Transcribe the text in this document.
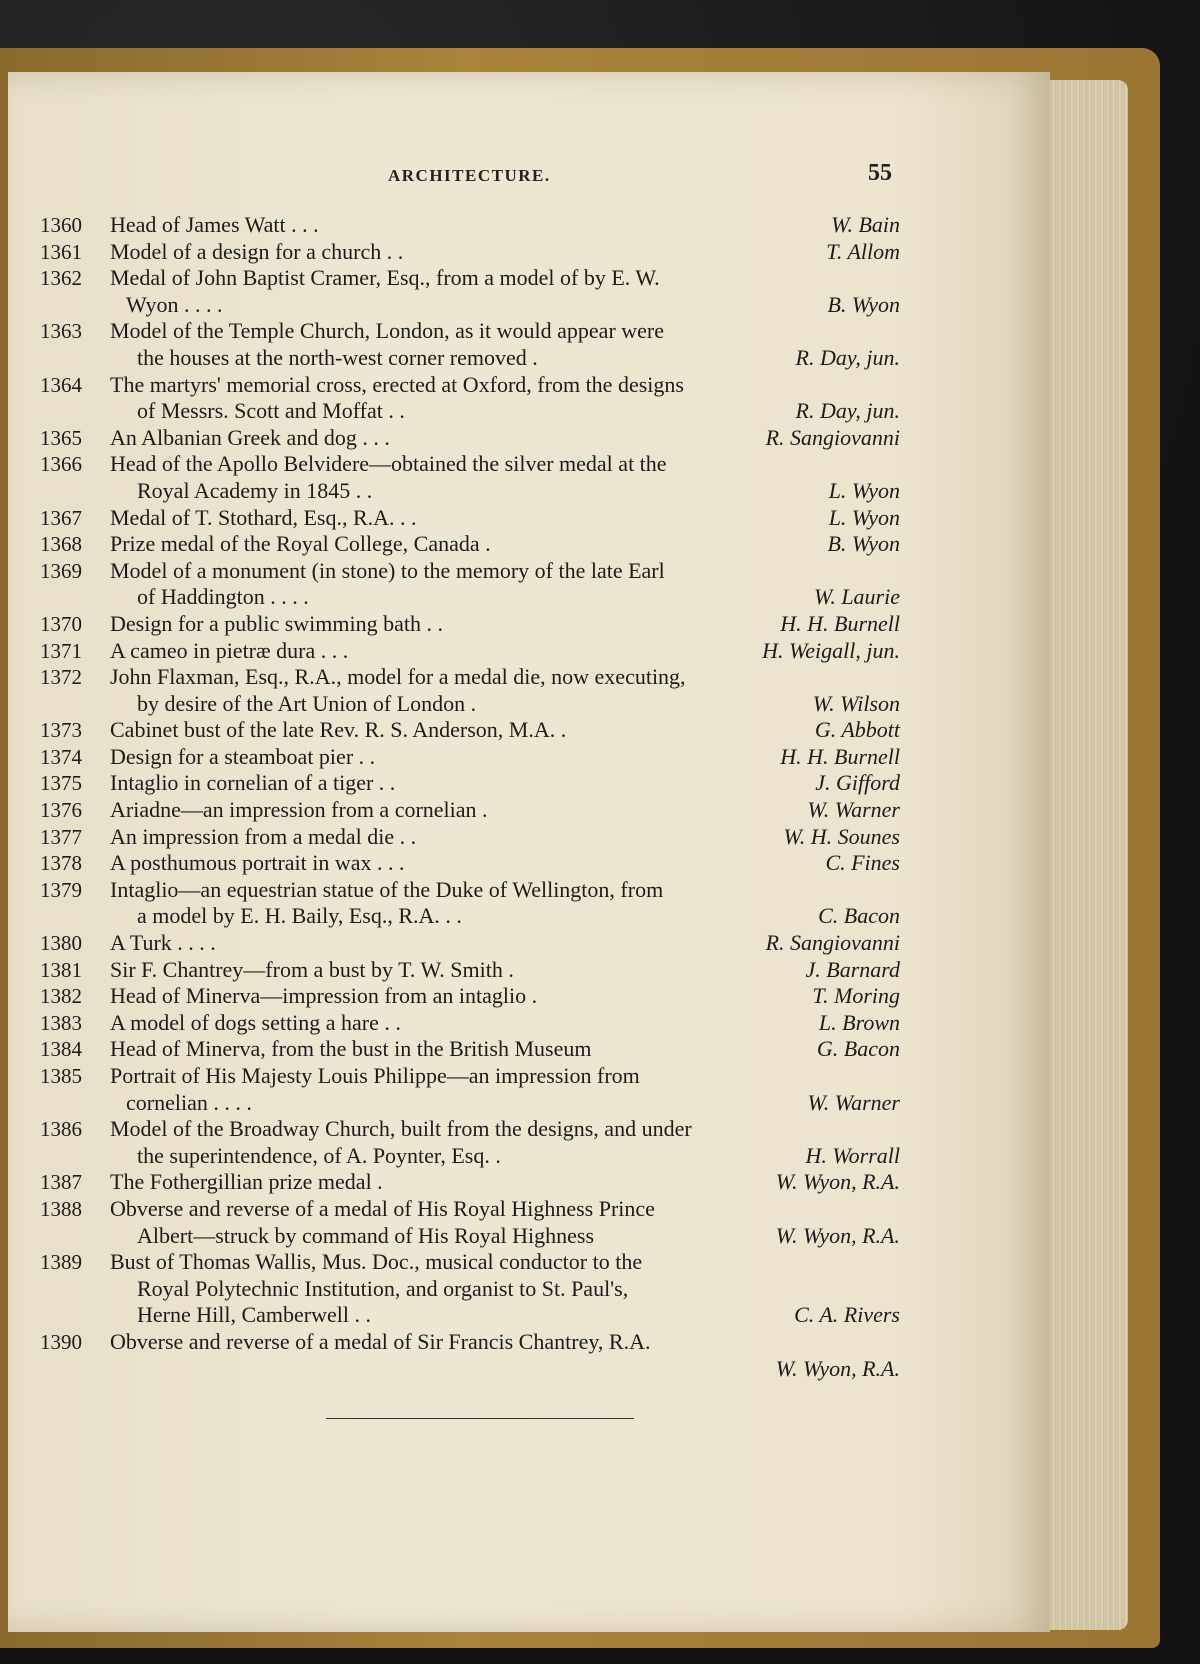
ARCHITECTURE.	55
1360	Head of James Watt . . .	W. Bain
1361	Model of a design for a church . .	T. Allom
1362	Medal of John Baptist Cramer, Esq., from a model of by E. W.
Wyon . . . .	B. Wyon
1363	Model of the Temple Church, London, as it would appear were
the houses at the north-west corner removed .	R. Day, jun.
1364	The martyrs' memorial cross, erected at Oxford, from the designs
of Messrs. Scott and Moffat . .	R. Day, jun.
1365	An Albanian Greek and dog . . .	R. Sangiovanni
1366	Head of the Apollo Belvidere—obtained the silver medal at the
Royal Academy in 1845 . .	L. Wyon
1367	Medal of T. Stothard, Esq., R.A. . .	L. Wyon
1368	Prize medal of the Royal College, Canada .	B. Wyon
1369	Model of a monument (in stone) to the memory of the late Earl
of Haddington . . . .	W. Laurie
1370	Design for a public swimming bath . .	H. H. Burnell
1371	A cameo in pietræ dura . . .	H. Weigall, jun.
1372	John Flaxman, Esq., R.A., model for a medal die, now executing,
by desire of the Art Union of London .	W. Wilson
1373	Cabinet bust of the late Rev. R. S. Anderson, M.A. .	G. Abbott
1374	Design for a steamboat pier . .	H. H. Burnell
1375	Intaglio in cornelian of a tiger . .	J. Gifford
1376	Ariadne—an impression from a cornelian .	W. Warner
1377	An impression from a medal die . .	W. H. Sounes
1378	A posthumous portrait in wax . . .	C. Fines
1379	Intaglio—an equestrian statue of the Duke of Wellington, from
a model by E. H. Baily, Esq., R.A. . .	C. Bacon
1380	A Turk . . . .	R. Sangiovanni
1381	Sir F. Chantrey—from a bust by T. W. Smith .	J. Barnard
1382	Head of Minerva—impression from an intaglio .	T. Moring
1383	A model of dogs setting a hare . .	L. Brown
1384	Head of Minerva, from the bust in the British Museum	G. Bacon
1385	Portrait of His Majesty Louis Philippe—an impression from
cornelian . . . .	W. Warner
1386	Model of the Broadway Church, built from the designs, and under
the superintendence, of A. Poynter, Esq. .	H. Worrall
1387	The Fothergillian prize medal .	W. Wyon, R.A.
1388	Obverse and reverse of a medal of His Royal Highness Prince
Albert—struck by command of His Royal Highness	W. Wyon, R.A.
1389	Bust of Thomas Wallis, Mus. Doc., musical conductor to the
Royal Polytechnic Institution, and organist to St. Paul's,
Herne Hill, Camberwell . .	C. A. Rivers
1390	Obverse and reverse of a medal of Sir Francis Chantrey, R.A.
W. Wyon, R.A.
